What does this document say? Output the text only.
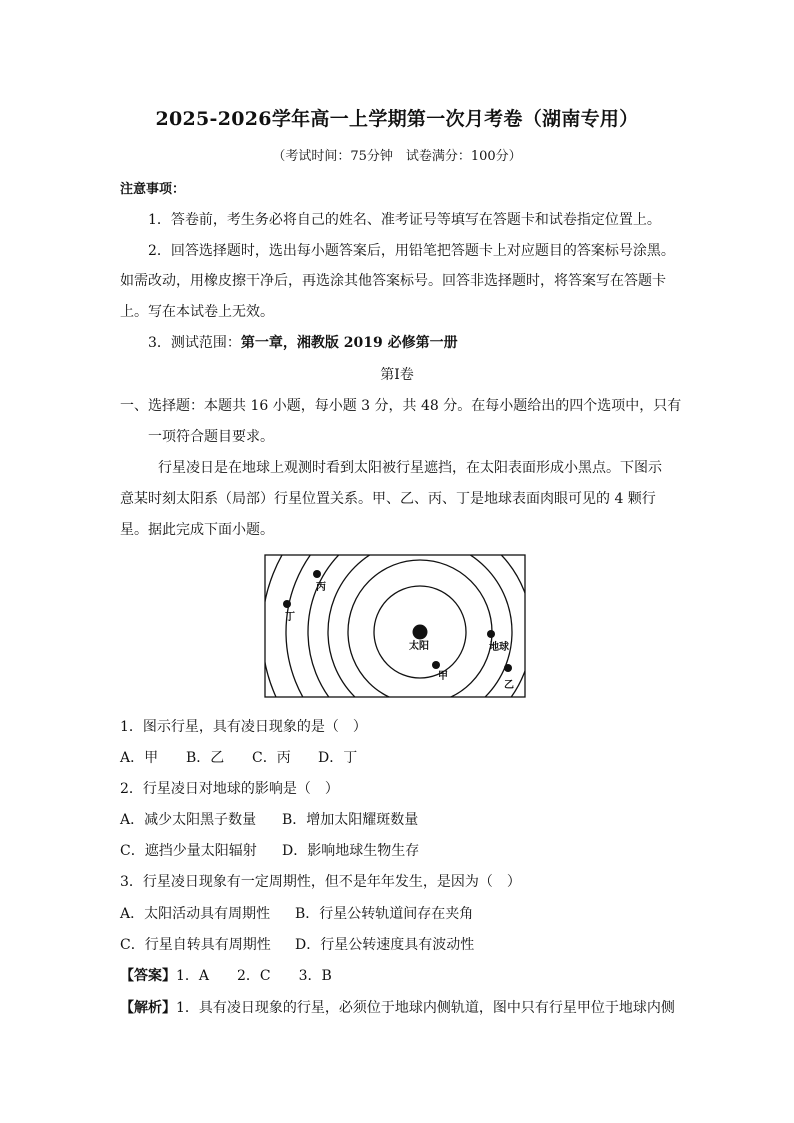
2025-2026学年高一上学期第一次月考卷（湖南专用）
（考试时间：75分钟　试卷满分：100分）
注意事项：
1．答卷前，考生务必将自己的姓名、准考证号等填写在答题卡和试卷指定位置上。
2．回答选择题时，选出每小题答案后，用铅笔把答题卡上对应题目的答案标号涂黑。
如需改动，用橡皮擦干净后，再选涂其他答案标号。回答非选择题时，将答案写在答题卡
上。写在本试卷上无效。
3．测试范围：第一章，湘教版 2019 必修第一册
第Ⅰ卷
一、选择题：本题共 16 小题，每小题 3 分，共 48 分。在每小题给出的四个选项中，只有
一项符合题目要求。
行星凌日是在地球上观测时看到太阳被行星遮挡，在太阳表面形成小黑点。下图示
意某时刻太阳系（局部）行星位置关系。甲、乙、丙、丁是地球表面肉眼可见的 4 颗行
星。据此完成下面小题。
太阳	地球
甲
乙
丙
丁
1．图示行星，具有凌日现象的是（　）
A．甲 B．乙 C．丙 D．丁
2．行星凌日对地球的影响是（　）
A．减少太阳黑子数量 B．增加太阳耀斑数量
C．遮挡少量太阳辐射 D．影响地球生物生存
3．行星凌日现象有一定周期性，但不是年年发生，是因为（　）
A．太阳活动具有周期性 B．行星公转轨道间存在夹角
C．行星自转具有周期性 D．行星公转速度具有波动性
【答案】1．A　　2．C　　3．B
【解析】1．具有凌日现象的行星，必须位于地球内侧轨道，图中只有行星甲位于地球内侧
